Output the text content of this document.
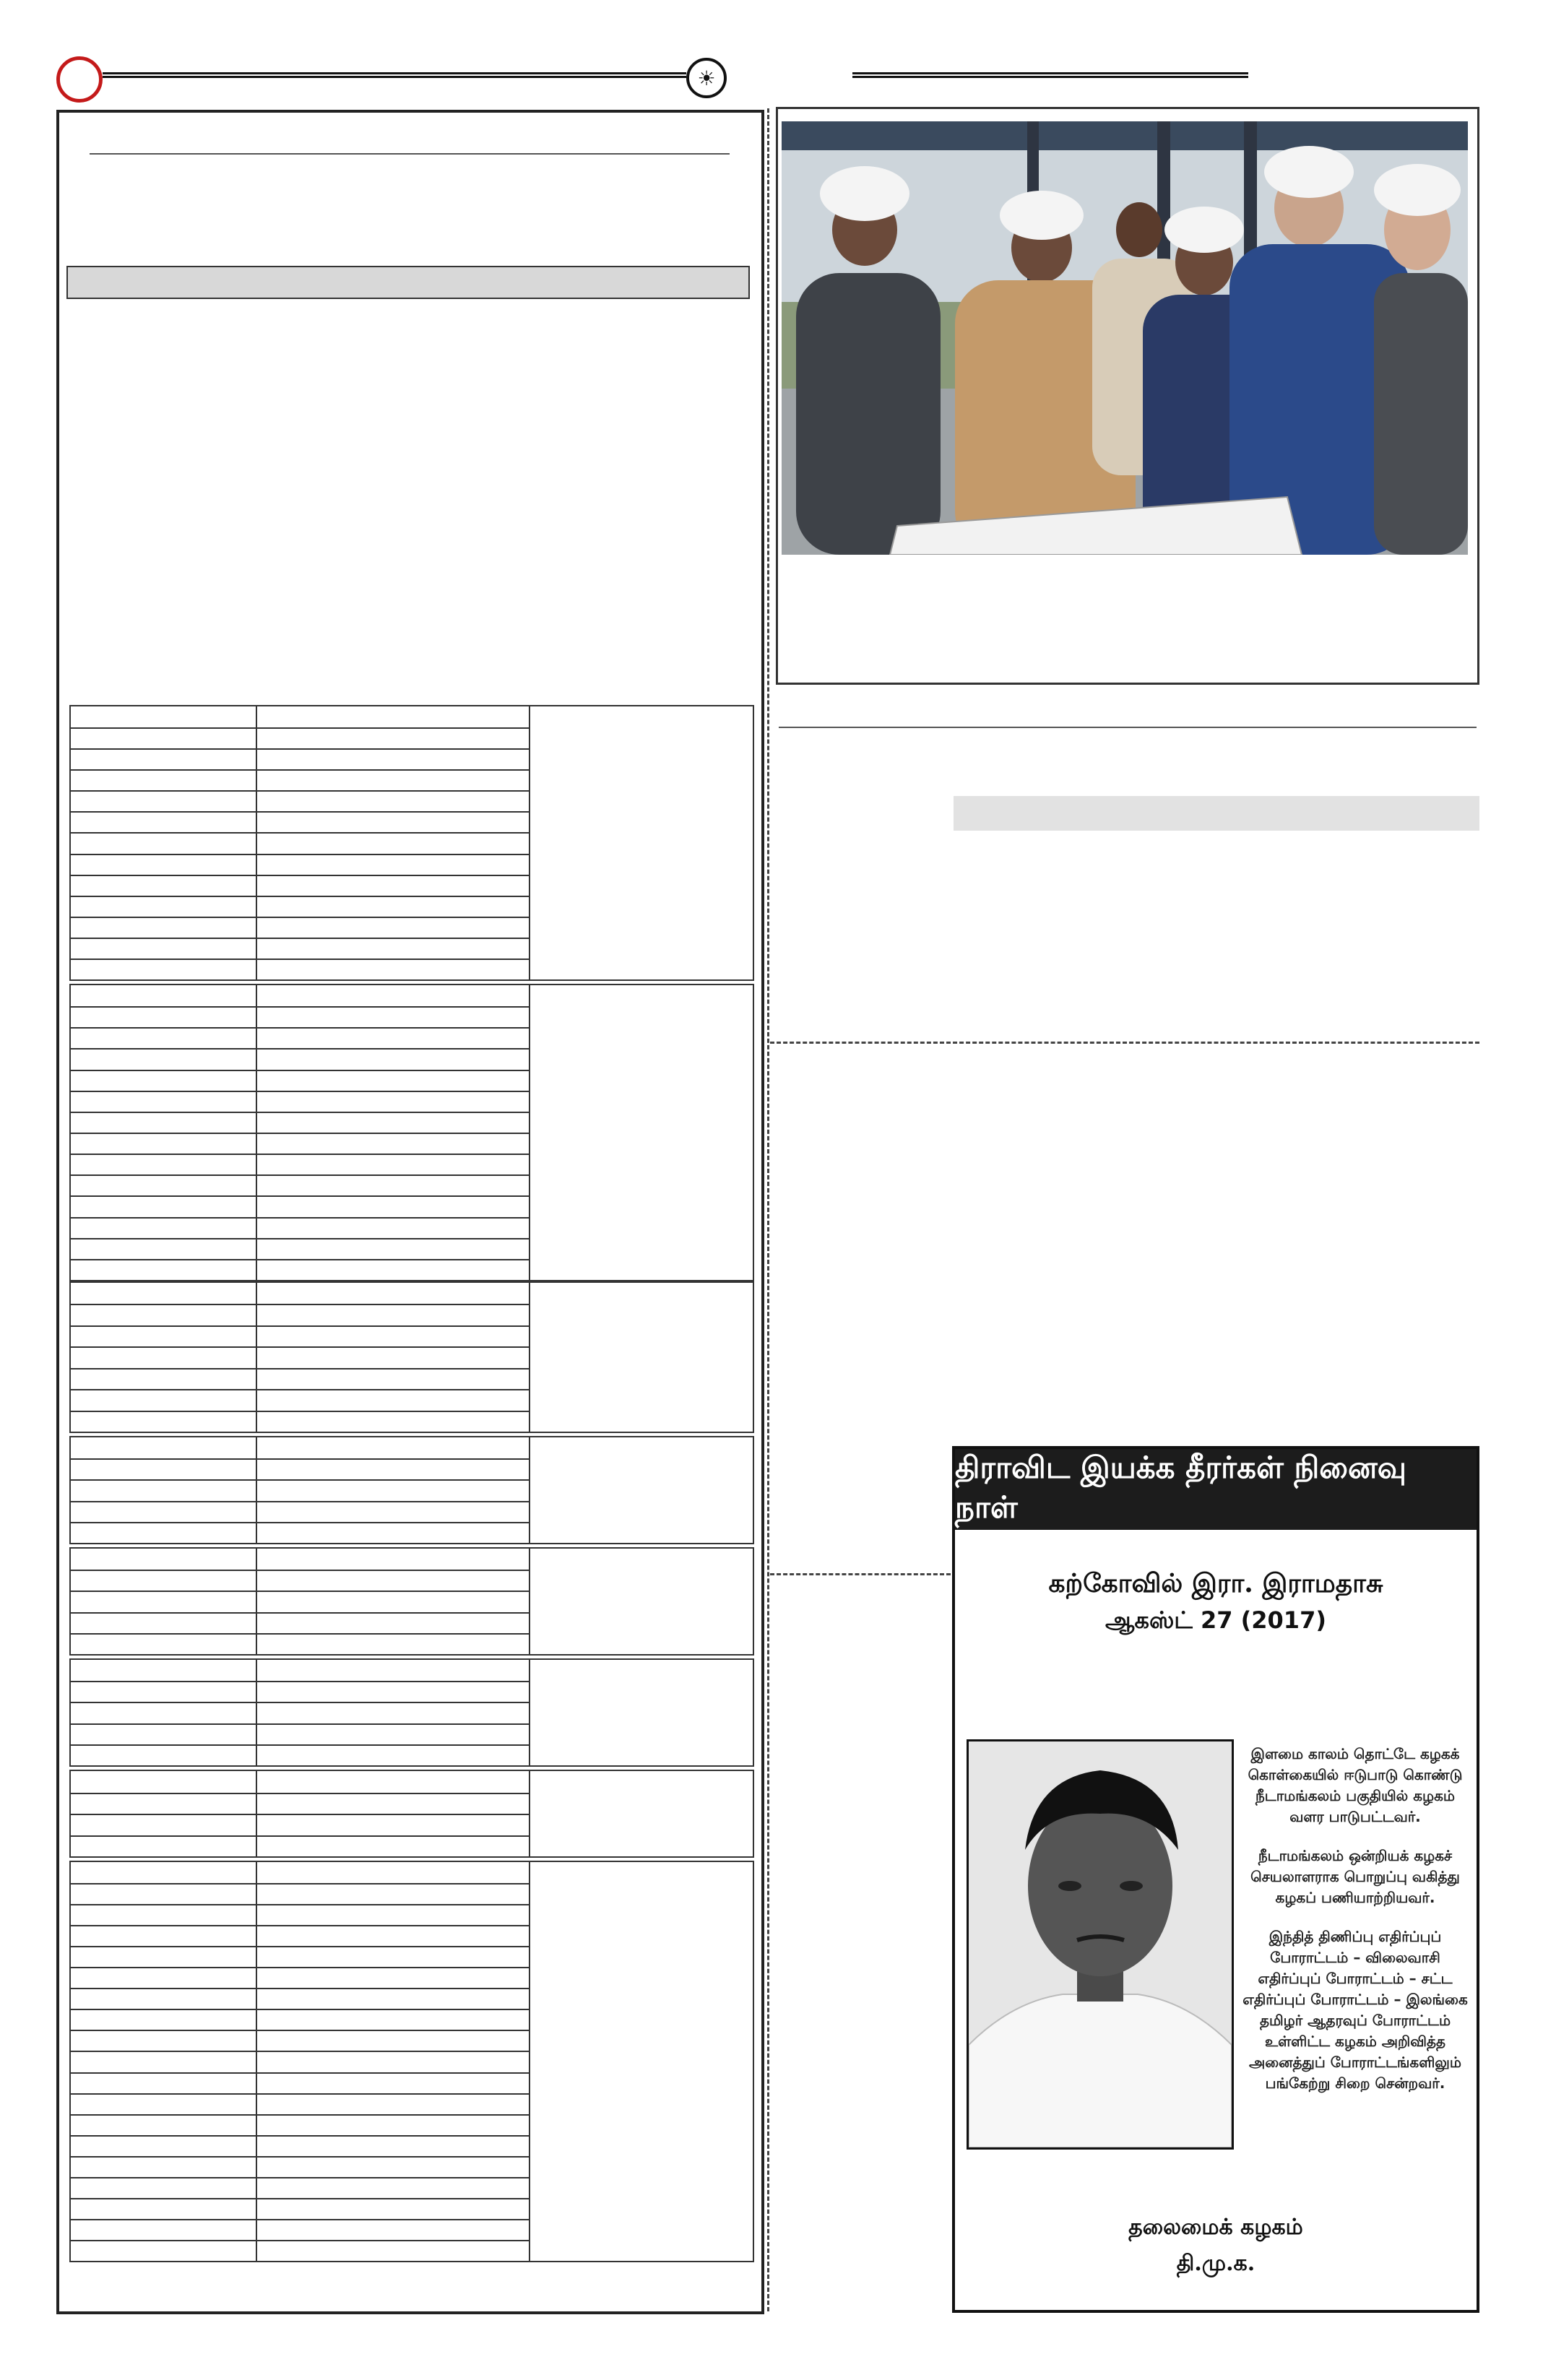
☀
திராவிட இயக்க தீரர்கள் நினைவு நாள்
கற்கோவில் இரா. இராமதாசு
ஆகஸ்ட் 27 (2017)

இளமை காலம் தொட்டே கழகக் கொள்கையில் ஈடுபாடு கொண்டு நீடாமங்கலம் பகுதியில் கழகம் வளர பாடுபட்டவர்.

நீடாமங்கலம் ஒன்றியக் கழகச் செயலாளராக பொறுப்பு வகித்து கழகப் பணியாற்றியவர்.

இந்தித் திணிப்பு எதிர்ப்புப் போராட்டம் – விலைவாசி எதிர்ப்புப் போராட்டம் – சட்ட எதிர்ப்புப் போராட்டம் – இலங்கை தமிழர் ஆதரவுப் போராட்டம் உள்ளிட்ட கழகம் அறிவித்த அனைத்துப் போராட்டங்களிலும் பங்கேற்று சிறை சென்றவர்.

தலைமைக் கழகம்
தி.மு.க.
